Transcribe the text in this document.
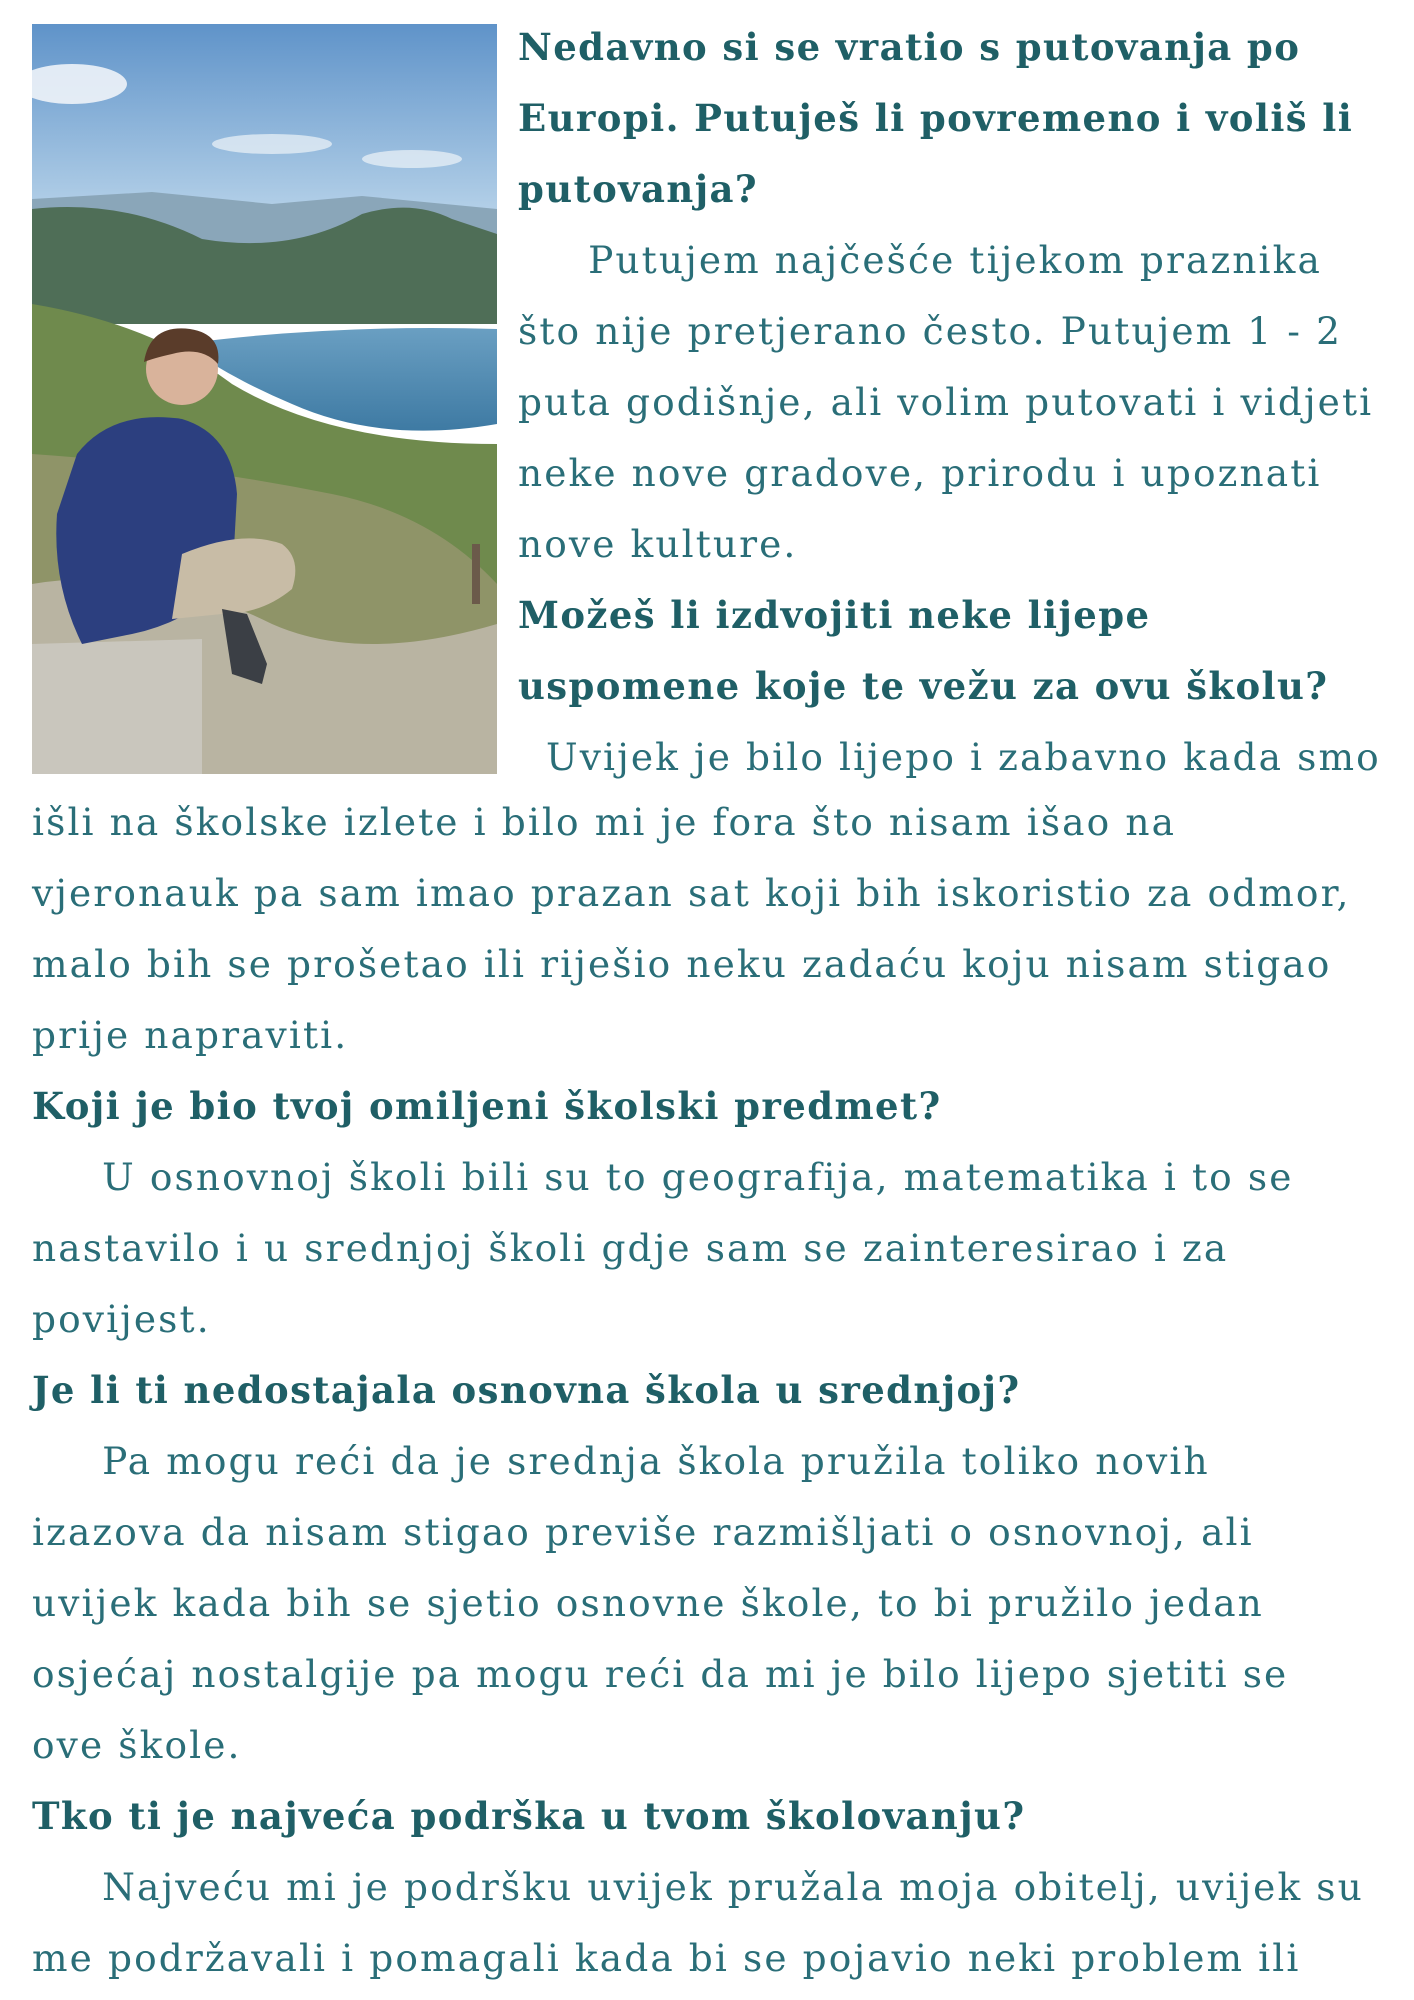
Nedavno si se vratio s putovanja po

Europi. Putuješ li povremeno i voliš li

putovanja?

Putujem najčešće tijekom praznika

što nije pretjerano često. Putujem 1 - 2

puta godišnje, ali volim putovati i vidjeti

neke nove gradove, prirodu i upoznati

nove kulture.

Možeš li izdvojiti neke lijepe

uspomene koje te vežu za ovu školu?

Uvijek je bilo lijepo i zabavno kada smo

išli na školske izlete i bilo mi je fora što nisam išao na

vjeronauk pa sam imao prazan sat koji bih iskoristio za odmor,

malo bih se prošetao ili riješio neku zadaću koju nisam stigao

prije napraviti.

Koji je bio tvoj omiljeni školski predmet?

U osnovnoj školi bili su to geografija, matematika i to se

nastavilo i u srednjoj školi gdje sam se zainteresirao i za

povijest.

Je li ti nedostajala osnovna škola u srednjoj?

Pa mogu reći da je srednja škola pružila toliko novih

izazova da nisam stigao previše razmišljati o osnovnoj, ali

uvijek kada bih se sjetio osnovne škole, to bi pružilo jedan

osjećaj nostalgije pa mogu reći da mi je bilo lijepo sjetiti se

ove škole.

Tko ti je najveća podrška u tvom školovanju?

Najveću mi je podršku uvijek pružala moja obitelj, uvijek su

me podržavali i pomagali kada bi se pojavio neki problem ili
